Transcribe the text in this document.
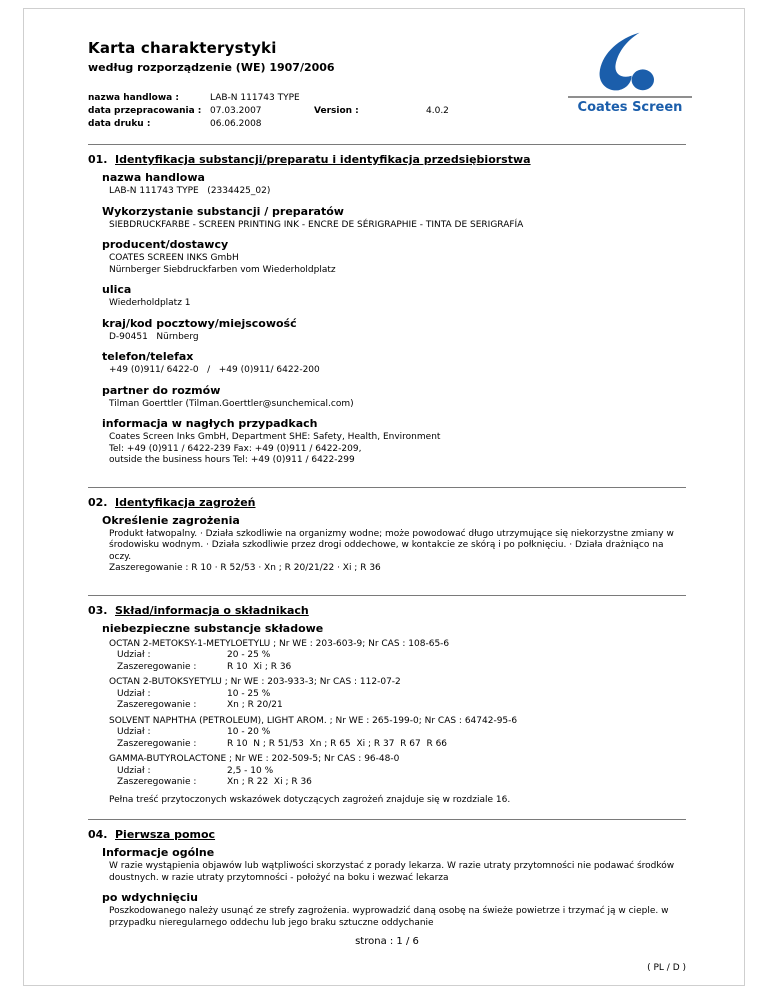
Karta charakterystyki
według rozporządzenie (WE) 1907/2006
Coates Screen
nazwa handlowa :	LAB-N 111743 TYPE
data przepracowania : 07.03.2007	Version :	4.0.2
data druku :	06.06.2008
01. Identyfikacja substancji/preparatu i identyfikacja przedsiębiorstwa
nazwa handlowa
LAB-N 111743 TYPE   (2334425_02)
Wykorzystanie substancji / preparatów
SIEBDRUCKFARBE - SCREEN PRINTING INK - ENCRE DE SÉRIGRAPHIE - TINTA DE SERIGRAFÍA
producent/dostawcy
COATES SCREEN INKS GmbH
Nürnberger Siebdruckfarben vom Wiederholdplatz
ulica
Wiederholdplatz 1
kraj/kod pocztowy/miejscowość
D-90451   Nürnberg
telefon/telefax
+49 (0)911/ 6422-0   /   +49 (0)911/ 6422-200
partner do rozmów
Tilman Goerttler (Tilman.Goerttler@sunchemical.com)
informacja w nagłych przypadkach
Coates Screen Inks GmbH, Department SHE: Safety, Health, Environment
Tel: +49 (0)911 / 6422-239 Fax: +49 (0)911 / 6422-209,
outside the business hours Tel: +49 (0)911 / 6422-299
02. Identyfikacja zagrożeń
Określenie zagrożenia
Produkt łatwopalny. · Działa szkodliwie na organizmy wodne; może powodować długo utrzymujące się niekorzystne zmiany w środowisku wodnym. · Działa szkodliwie przez drogi oddechowe, w kontakcie ze skórą i po połknięciu. · Działa drażniąco na oczy.
Zaszeregowanie : R 10 · R 52/53 · Xn ; R 20/21/22 · Xi ; R 36
03. Skład/informacja o składnikach
niebezpieczne substancje składowe
OCTAN 2-METOKSY-1-METYLOETYLU ; Nr WE : 203-603-9; Nr CAS : 108-65-6
Udział :	20 - 25 %
Zaszeregowanie :	R 10  Xi ; R 36
OCTAN 2-BUTOKSYETYLU ; Nr WE : 203-933-3; Nr CAS : 112-07-2
Udział :	10 - 25 %
Zaszeregowanie :	Xn ; R 20/21
SOLVENT NAPHTHA (PETROLEUM), LIGHT AROM. ; Nr WE : 265-199-0; Nr CAS : 64742-95-6
Udział :	10 - 20 %
Zaszeregowanie :	R 10  N ; R 51/53  Xn ; R 65  Xi ; R 37  R 67  R 66
GAMMA-BUTYROLACTONE ; Nr WE : 202-509-5; Nr CAS : 96-48-0
Udział :	2,5 - 10 %
Zaszeregowanie :	Xn ; R 22  Xi ; R 36
Pełna treść przytoczonych wskazówek dotyczących zagrożeń znajduje się w rozdziale 16.
04. Pierwsza pomoc
Informacje ogólne
W razie wystąpienia objawów lub wątpliwości skorzystać z porady lekarza. W razie utraty przytomności nie podawać środków doustnych. w razie utraty przytomności - położyć na boku i wezwać lekarza
po wdychnięciu
Poszkodowanego należy usunąć ze strefy zagrożenia. wyprowadzić daną osobę na świeże powietrze i trzymać ją w cieple. w przypadku nieregularnego oddechu lub jego braku sztuczne oddychanie
strona : 1 / 6
( PL / D )
